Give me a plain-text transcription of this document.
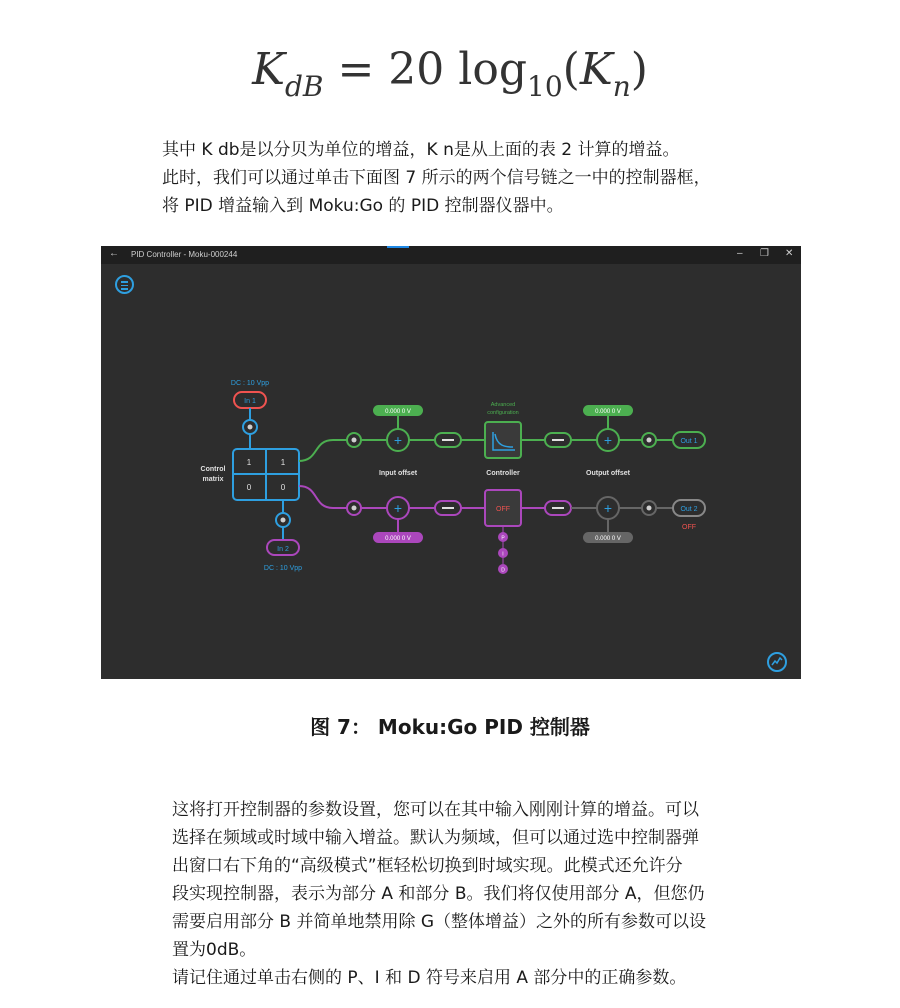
$K_{dB} = 20$ $\log_{10}(K_n)$

其中 K db是以分贝为单位的增益，K n是从上面的表 2 计算的增益。

此时，我们可以通过单击下面图 7 所示的两个信号链之一中的控制器框，

将 PID 增益输入到 Moku:Go 的 PID 控制器仪器中。

← PID Controller - Moku-000244	– ❐ ✕
DC : 10 Vpp
In 1
Control
matrix
1	1
0	0
In 2
DC : 10 Vpp
0.000 0 V
+
Input offset
Advanced
configuration
Controller
0.000 0 V
+
Output offset
Out 1
+
0.000 0 V
OFF
P
I
D
+
0.000 0 V
Out 2
OFF
图 7： Moku:Go PID 控制器

这将打开控制器的参数设置，您可以在其中输入刚刚计算的增益。可以

选择在频域或时域中输入增益。默认为频域，但可以通过选中控制器弹

出窗口右下角的“高级模式”框轻松切换到时域实现。此模式还允许分

段实现控制器，表示为部分 A 和部分 B。我们将仅使用部分 A，但您仍

需要启用部分 B 并简单地禁用除 G（整体增益）之外的所有参数可以设

置为0dB。

请记住通过单击右侧的 P、I 和 D 符号来启用 A 部分中的正确参数。
